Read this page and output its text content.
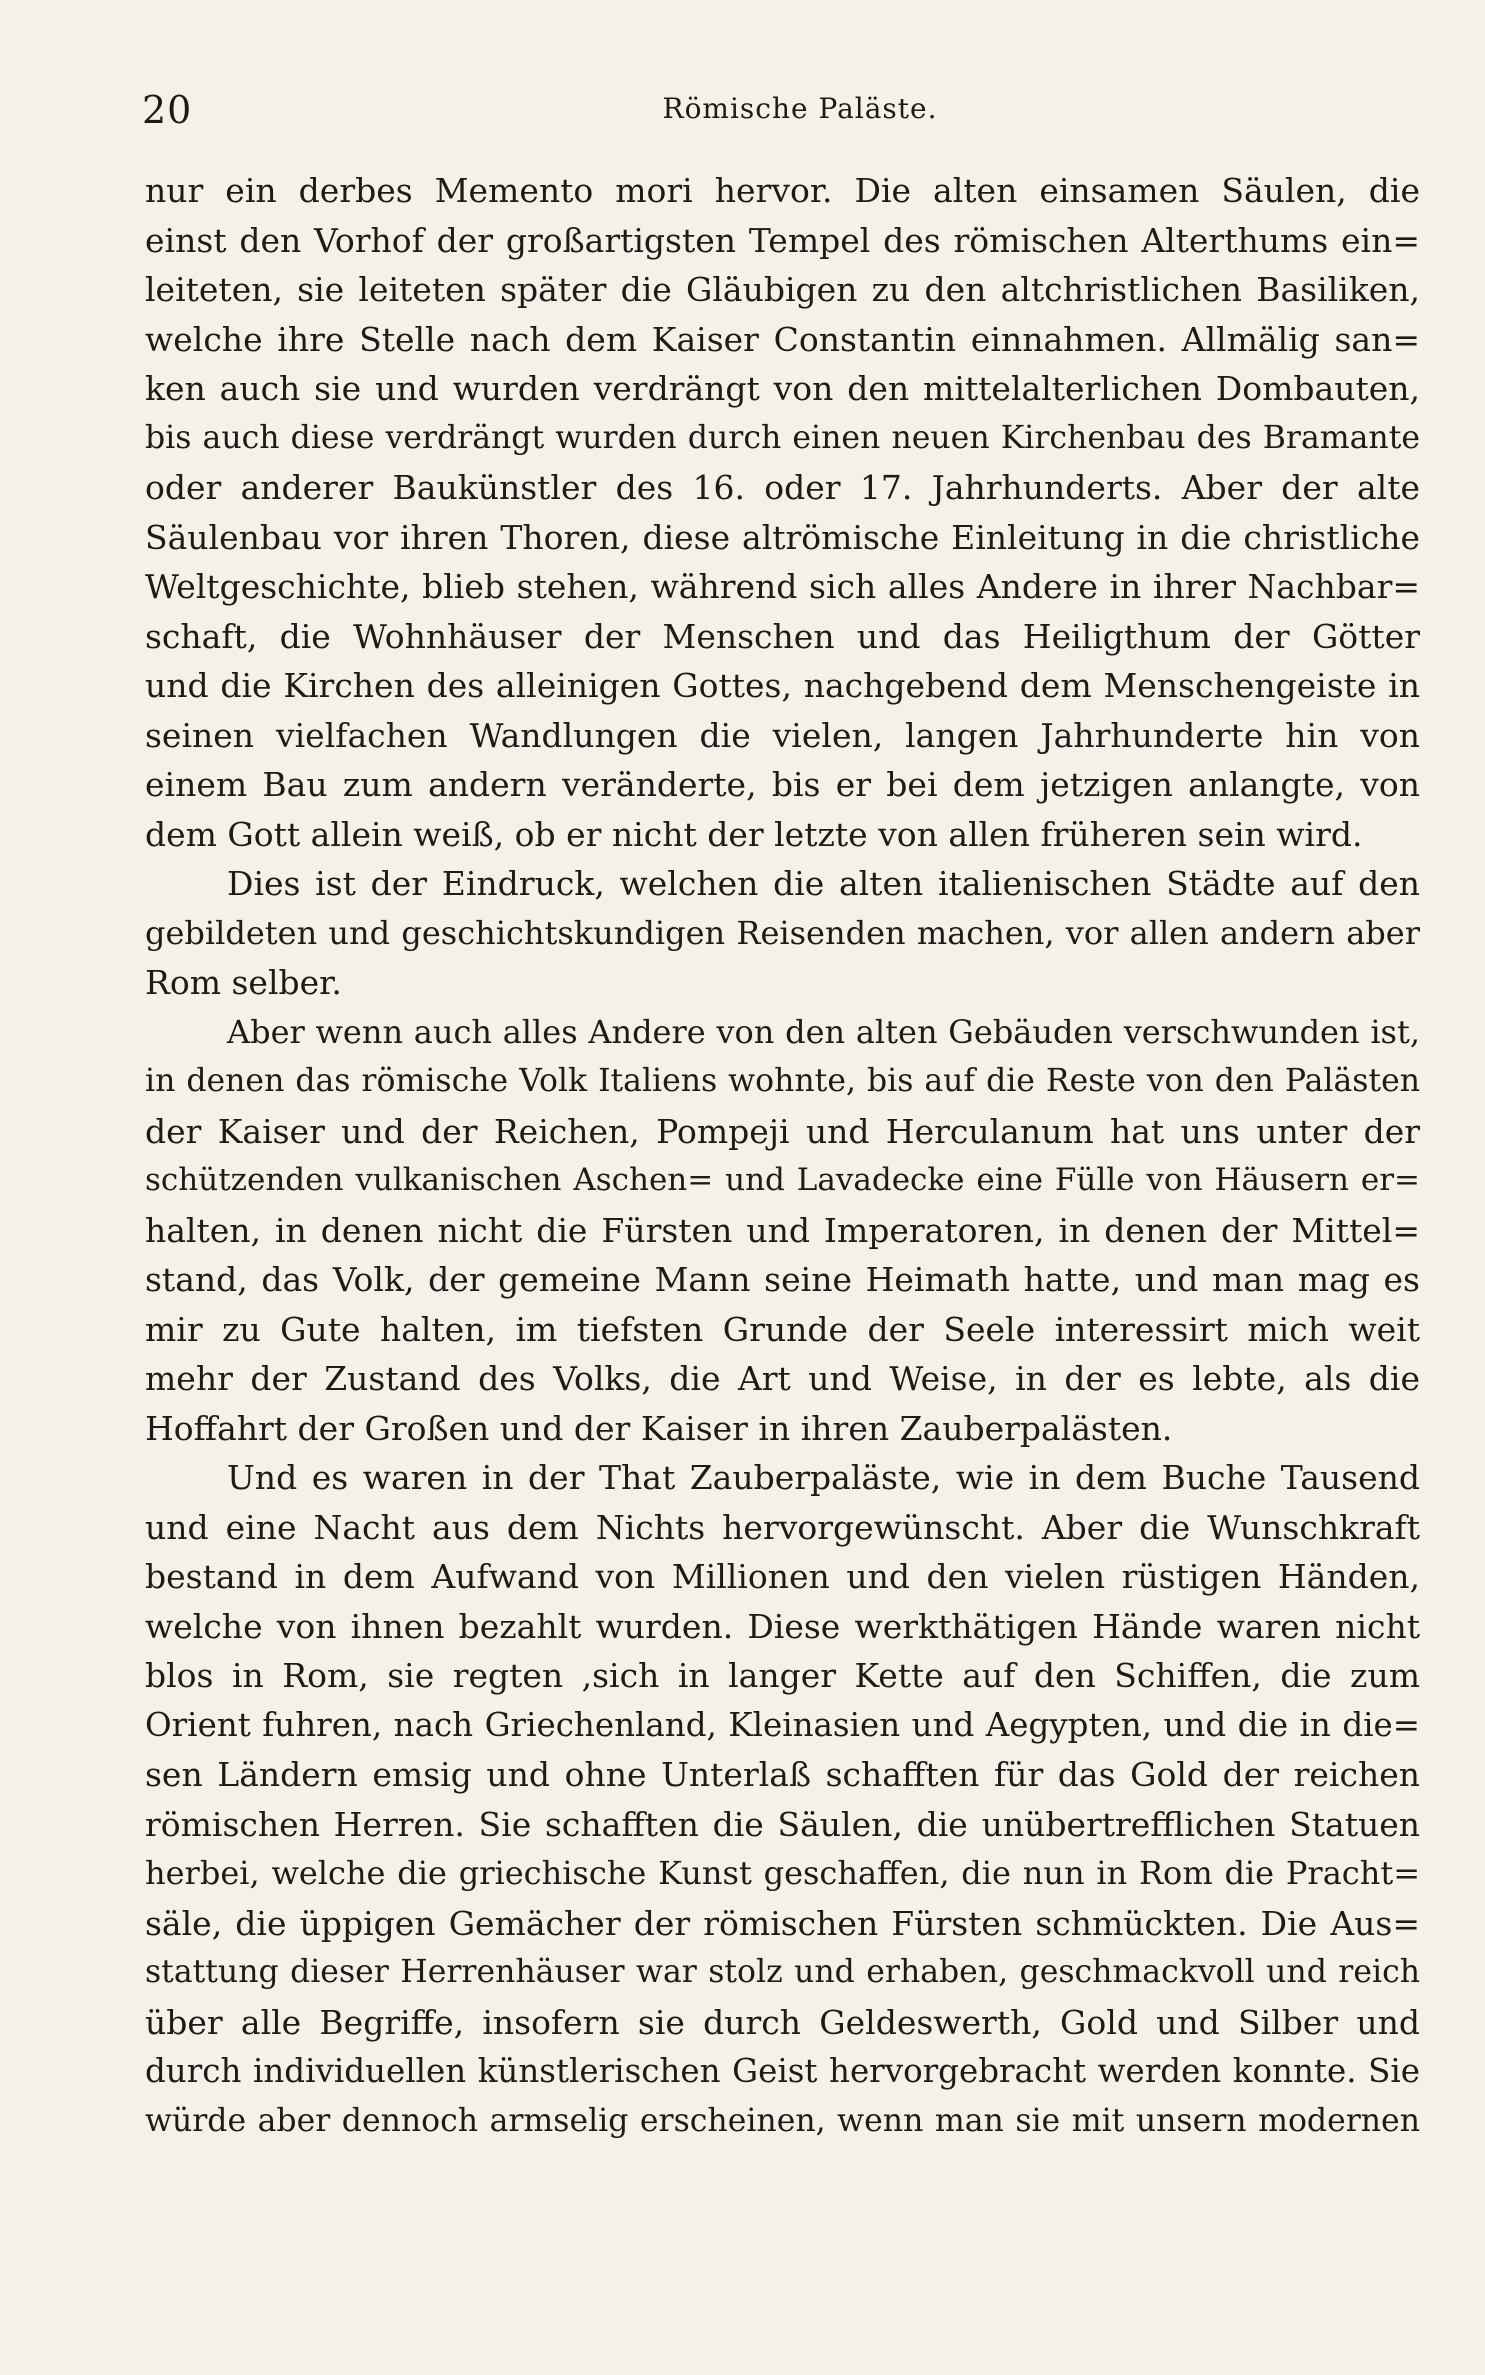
20	Römische Paläste.
nur ein derbes Memento mori hervor. Die alten einsamen Säulen, die
einst den Vorhof der großartigsten Tempel des römischen Alterthums ein=
leiteten, sie leiteten später die Gläubigen zu den altchristlichen Basiliken,
welche ihre Stelle nach dem Kaiser Constantin einnahmen. Allmälig san=
ken auch sie und wurden verdrängt von den mittelalterlichen Dombauten,
bis auch diese verdrängt wurden durch einen neuen Kirchenbau des Bramante
oder anderer Baukünstler des 16. oder 17. Jahrhunderts. Aber der alte
Säulenbau vor ihren Thoren, diese altrömische Einleitung in die christliche
Weltgeschichte, blieb stehen, während sich alles Andere in ihrer Nachbar=
schaft, die Wohnhäuser der Menschen und das Heiligthum der Götter
und die Kirchen des alleinigen Gottes, nachgebend dem Menschengeiste in
seinen vielfachen Wandlungen die vielen, langen Jahrhunderte hin von
einem Bau zum andern veränderte, bis er bei dem jetzigen anlangte, von
dem Gott allein weiß, ob er nicht der letzte von allen früheren sein wird.
Dies ist der Eindruck, welchen die alten italienischen Städte auf den
gebildeten und geschichtskundigen Reisenden machen, vor allen andern aber
Rom selber.
Aber wenn auch alles Andere von den alten Gebäuden verschwunden ist,
in denen das römische Volk Italiens wohnte, bis auf die Reste von den Palästen
der Kaiser und der Reichen, Pompeji und Herculanum hat uns unter der
schützenden vulkanischen Aschen= und Lavadecke eine Fülle von Häusern er=
halten, in denen nicht die Fürsten und Imperatoren, in denen der Mittel=
stand, das Volk, der gemeine Mann seine Heimath hatte, und man mag es
mir zu Gute halten, im tiefsten Grunde der Seele interessirt mich weit
mehr der Zustand des Volks, die Art und Weise, in der es lebte, als die
Hoffahrt der Großen und der Kaiser in ihren Zauberpalästen.
Und es waren in der That Zauberpaläste, wie in dem Buche Tausend
und eine Nacht aus dem Nichts hervorgewünscht. Aber die Wunschkraft
bestand in dem Aufwand von Millionen und den vielen rüstigen Händen,
welche von ihnen bezahlt wurden. Diese werkthätigen Hände waren nicht
blos in Rom, sie regten ,sich in langer Kette auf den Schiffen, die zum
Orient fuhren, nach Griechenland, Kleinasien und Aegypten, und die in die=
sen Ländern emsig und ohne Unterlaß schafften für das Gold der reichen
römischen Herren. Sie schafften die Säulen, die unübertrefflichen Statuen
herbei, welche die griechische Kunst geschaffen, die nun in Rom die Pracht=
säle, die üppigen Gemächer der römischen Fürsten schmückten. Die Aus=
stattung dieser Herrenhäuser war stolz und erhaben, geschmackvoll und reich
über alle Begriffe, insofern sie durch Geldeswerth, Gold und Silber und
durch individuellen künstlerischen Geist hervorgebracht werden konnte. Sie
würde aber dennoch armselig erscheinen, wenn man sie mit unsern modernen
